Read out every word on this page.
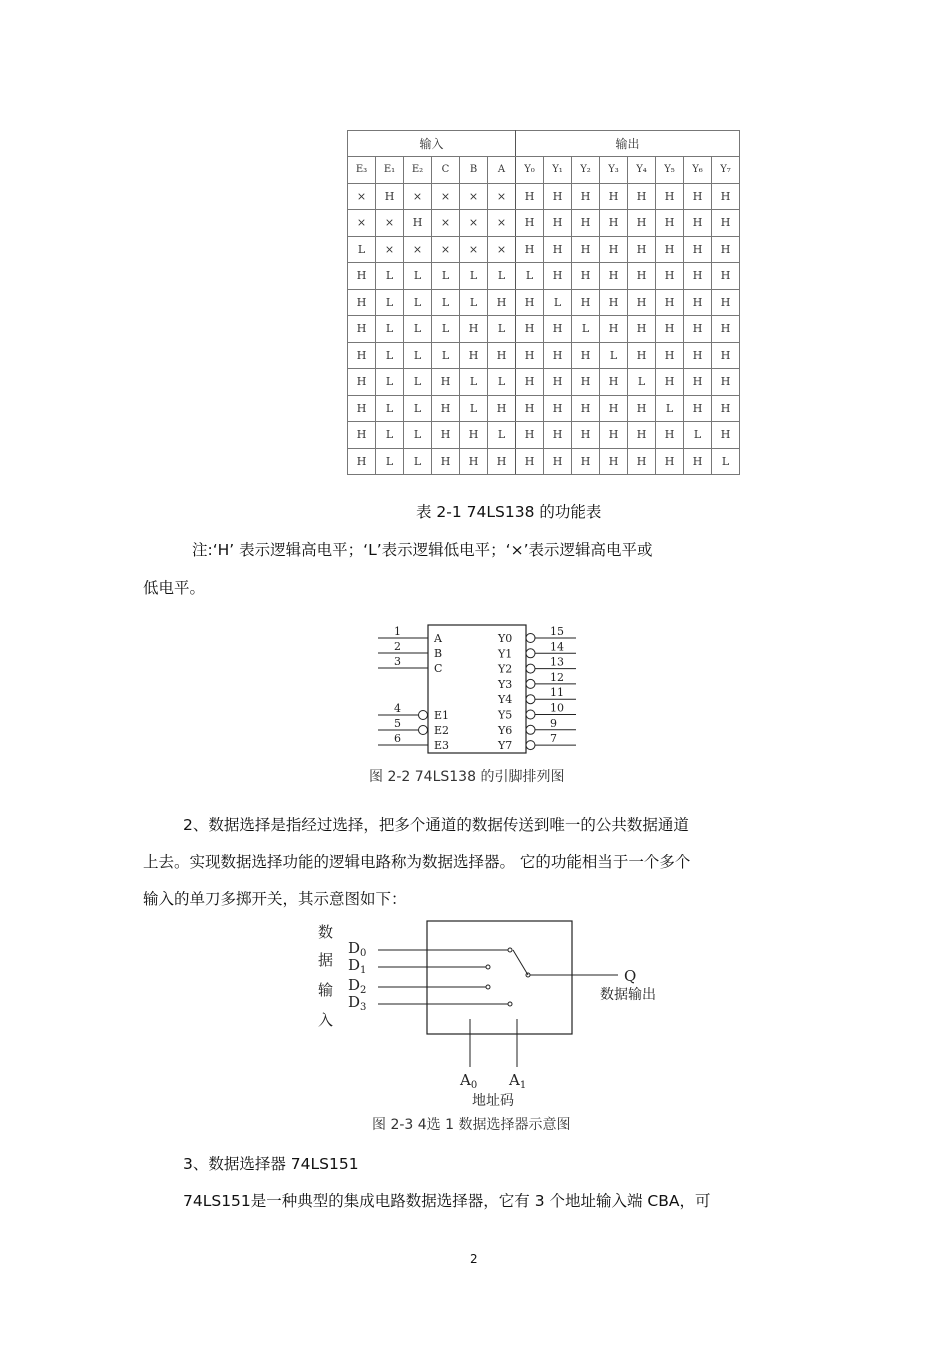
输入						输出							
E₃	E₁	E₂	C	B	A	Y₀	Y₁	Y₂	Y₃	Y₄	Y₅	Y₆	Y₇
×	H	×	×	×	×	H	H	H	H	H	H	H	H
×	×	H	×	×	×	H	H	H	H	H	H	H	H
L	×	×	×	×	×	H	H	H	H	H	H	H	H
H	L	L	L	L	L	L	H	H	H	H	H	H	H
H	L	L	L	L	H	H	L	H	H	H	H	H	H
H	L	L	L	H	L	H	H	L	H	H	H	H	H
H	L	L	L	H	H	H	H	H	L	H	H	H	H
H	L	L	H	L	L	H	H	H	H	L	H	H	H
H	L	L	H	L	H	H	H	H	H	H	L	H	H
H	L	L	H	H	L	H	H	H	H	H	H	L	H
H	L	L	H	H	H	H	H	H	H	H	H	H	L
表 2-1 74LS138 的功能表
注:‘H’ 表示逻辑高电平；‘L’表示逻辑低电平；‘×’表示逻辑高电平或
低电平。
1
A
2
B
3
C
4
E1
5
E2
6
E3
15
Y0
14
Y1
13
Y2
12
Y3
11
Y4
10
Y5
9
Y6
7
Y7
图 2-2 74LS138 的引脚排列图
2、数据选择是指经过选择，把多个通道的数据传送到唯一的公共数据通道
上去。实现数据选择功能的逻辑电路称为数据选择器。 它的功能相当于一个多个
输入的单刀多掷开关，其示意图如下：
数
据
输
入
$D_0$
$D_1$
$D_2$
$D_3$
Q
数据输出
$A_0$ $A_1$
地址码
图 2-3 4选 1 数据选择器示意图
3、数据选择器 74LS151
74LS151是一种典型的集成电路数据选择器，它有 3 个地址输入端 CBA，可
2
